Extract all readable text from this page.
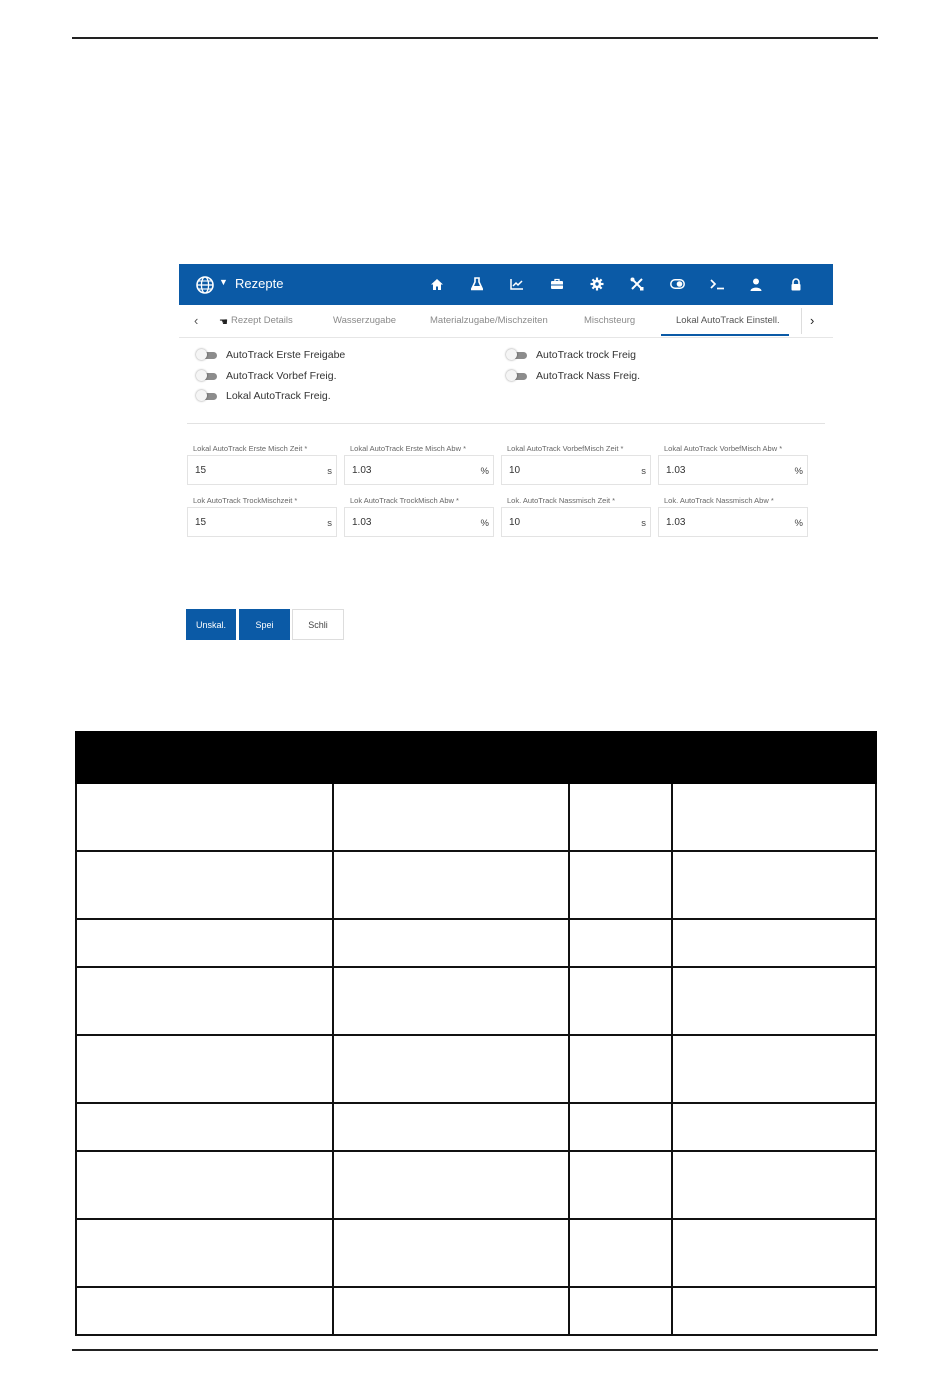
▼ Rezepte
‹	Rezept Details	Wasserzugabe	Materialzugabe/Mischzeiten	Mischsteurg	Lokal AutoTrack Einstell. ›
☚
AutoTrack Erste Freigabe
AutoTrack Vorbef Freig.
Lokal AutoTrack Freig.
AutoTrack trock Freig
AutoTrack Nass Freig.
Lokal AutoTrack Erste Misch Zeit *
15	s
Lokal AutoTrack Erste Misch Abw *
1.03	%
Lokal AutoTrack VorbefMisch Zeit *
10	s
Lokal AutoTrack VorbefMisch Abw *
1.03	%
Lok AutoTrack TrockMischzeit *
15	s
Lok AutoTrack TrockMisch Abw *
1.03	%
Lok. AutoTrack Nassmisch Zeit *
10	s
Lok. AutoTrack Nassmisch Abw *
1.03	%
Unskal.	Spei	Schli
